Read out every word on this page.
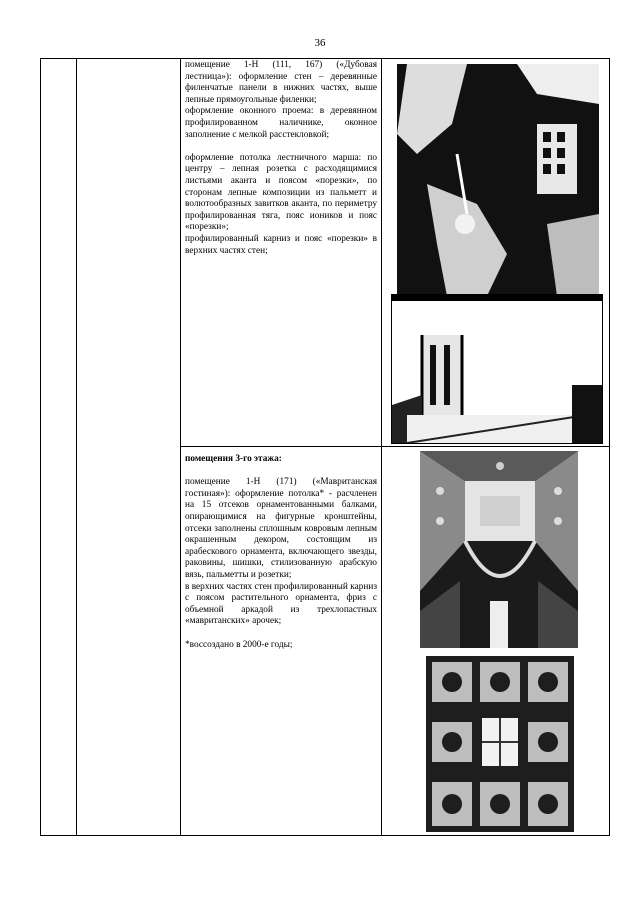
36

помещение 1-Н (111, 167) («Дубовая лестница»): оформление стен – деревянные филенчатые панели в нижних частях, выше лепные прямоугольные филенки;

оформление оконного проема: в деревянном профилированном наличнике, оконное заполнение с мелкой расстекловкой;

оформление потолка лестничного марша: по центру – лепная розетка с расходящимися листьями аканта и поясом «порезки», по сторонам лепные композиции из пальметт и волютообразных завитков аканта, по периметру профилированная тяга, пояс иоников и пояс «порезки»;

профилированный карниз и пояс «порезки» в верхних частях стен;

помещения 3-го этажа:

помещение 1-Н (171) («Мавританская гостиная»): оформление потолка* - расчленен на 15 отсеков орнаментованными балками, опирающимися на фигурные кронштейны, отсеки заполнены сплошным ковровым лепным окрашенным декором, состоящим из арабескового орнамента, включающего звезды, раковины, шишки, стилизованную арабскую вязь, пальметты и розетки;

в верхних частях стен профилированный карниз с поясом растительного орнамента, фриз с объемной аркадой из трехлопастных «мавританских» арочек;

*воссоздано в 2000-е годы;
